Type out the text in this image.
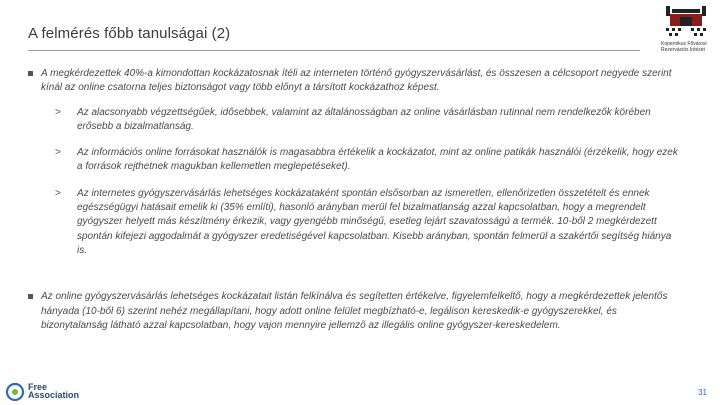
A felmérés főbb tanulságai (2)
Kopernikus Fővárosi
Rezervációs Intézet
A megkérdezettek 40%-a kimondottan kockázatosnak ítéli az interneten történő gyógyszervásárlást, és összesen a célcsoport negyede szerint kínál az online csatorna teljes biztonságot vagy több előnyt a társított kockázathoz képest.
> Az alacsonyabb végzettségűek, idősebbek, valamint az általánosságban az online vásárlásban rutinnal nem rendelkezők körében erősebb a bizalmatlanság.
> Az információs online forrásokat használók is magasabbra értékelik a kockázatot, mint az online patikák használói (érzékelik, hogy ezek a források rejthetnek magukban kellemetlen meglepetéseket).
> Az internetes gyógyszervásárlás lehetséges kockázataként spontán elsősorban az ismeretlen, ellenőrizetlen összetételt és ennek egészségügyi hatásait emelik ki (35% említi), hasonló arányban merül fel bizalmatlanság azzal kapcsolatban, hogy a megrendelt gyógyszer helyett más készítmény érkezik, vagy gyengébb minőségű, esetleg lejárt szavatosságú a termék. 10-ből 2 megkérdezett spontán kifejezi aggodalmát a gyógyszer eredetiségével kapcsolatban. Kisebb arányban, spontán felmerül a szakértői segítség hiánya is.
Az online gyógyszervásárlás lehetséges kockázatait listán felkínálva és segítetten értékelve, figyelemfelkeltő, hogy a megkérdezettek jelentős hányada (10-ből 6) szerint nehéz megállapítani, hogy adott online felület megbízható-e, legálison kereskedik-e gyógyszerekkel, és bizonytalanság látható azzal kapcsolatban, hogy vajon mennyire jellemző az illegális online gyógyszer-kereskedelem.
Free
Association	31
